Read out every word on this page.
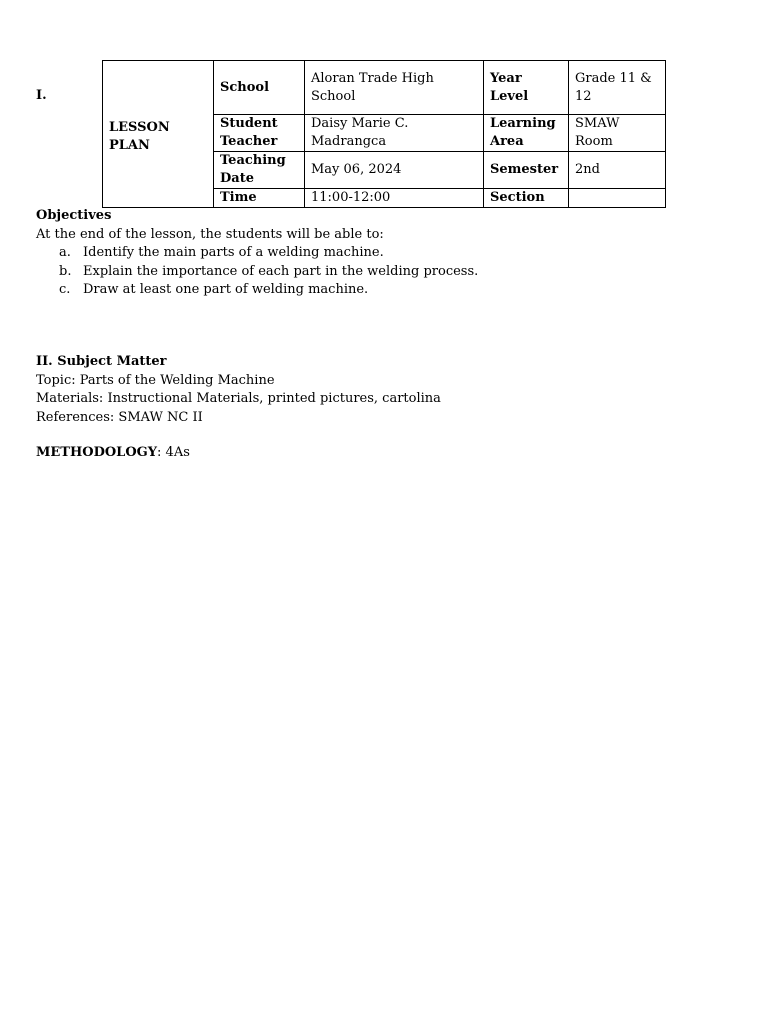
I.
LESSON PLAN	School	Aloran Trade High School	Year Level	Grade 11 & 12
	Student Teacher	Daisy Marie C. Madrangca	Learning Area	SMAW Room
	Teaching Date	May 06, 2024	Semester	2nd
	Time	11:00-12:00	Section	
Objectives
At the end of the lesson, the students will be able to:
a. Identify the main parts of a welding machine.
b. Explain the importance of each part in the welding process.
c. Draw at least one part of welding machine.
II. Subject Matter
Topic: Parts of the Welding Machine
Materials: Instructional Materials, printed pictures, cartolina
References: SMAW NC II
METHODOLOGY: 4As
